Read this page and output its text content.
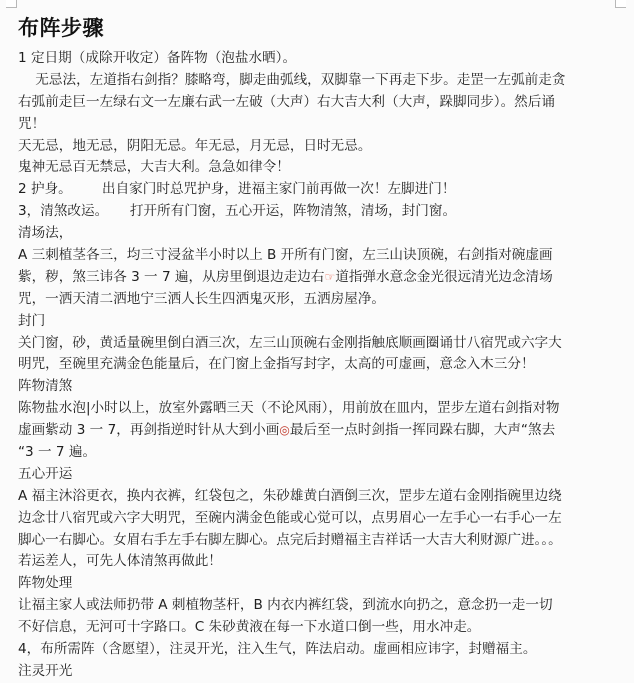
布阵步骤
1 定日期（成除开收定）备阵物（泡盐水晒）。
无忌法，左道指右剑指？膝略弯，脚走曲弧线，双脚靠一下再走下步。走罡一左弧前走贪
右弧前走巨一左绿右文一左廉右武一左破（大声）右大吉大利（大声，跺脚同步）。然后诵
咒！
天无忌，地无忌，阴阳无忌。年无忌，月无忌，日时无忌。
鬼神无忌百无禁忌，大吉大利。急急如律令！
2 护身。       出自家门时总咒护身，进福主家门前再做一次！左脚进门！
3，清煞改运。     打开所有门窗，五心开运，阵物清煞，清场，封门窗。
清场法，
A 三刺植茎各三，均三寸浸盆半小时以上 B 开所有门窗，左三山诀顶碗，右剑指对碗虚画
紫，秽，煞三讳各 3 一 7 遍，从房里倒退边走边右☞道指弹水意念金光很远清光边念清场
咒，一洒天清二洒地宁三洒人长生四洒鬼灭形，五洒房屋净。
封门
关门窗，砂，黄适量碗里倒白酒三次，左三山顶碗右金刚指触底顺画圈诵廿八宿咒或六字大
明咒，至碗里充满金色能量后，在门窗上金指写封字，太高的可虚画，意念入木三分！
阵物清煞
陈物盐水泡|小时以上，放室外露晒三天（不论风雨），用前放在皿内，罡步左道右剑指对物
虚画紫动 3 一 7，再剑指逆时针从大到小画◎最后至一点时剑指一挥同跺右脚，大声“煞去
“3 一 7 遍。
五心开运
A 福主沐浴更衣，换内衣裤，红袋包之，朱砂雄黄白酒倒三次，罡步左道右金刚指碗里边绕
边念廿八宿咒或六字大明咒，至碗内满金色能或心觉可以，点男眉心一左手心一右手心一左
脚心一右脚心。女眉右手左手右脚左脚心。点完后封赠福主吉祥话一大吉大利财源广进。。。
若运差人，可先人体清煞再做此！
阵物处理
让福主家人或法师扔带 A 刺植物茎杆，B 内衣内裤红袋，到流水向扔之，意念扔一走一切
不好信息，无河可十字路口。C 朱砂黄液在每一下水道口倒一些，用水冲走。
4，布所需阵（含愿望），注灵开光，注入生气，阵法启动。虚画相应讳字，封赠福主。
注灵开光
